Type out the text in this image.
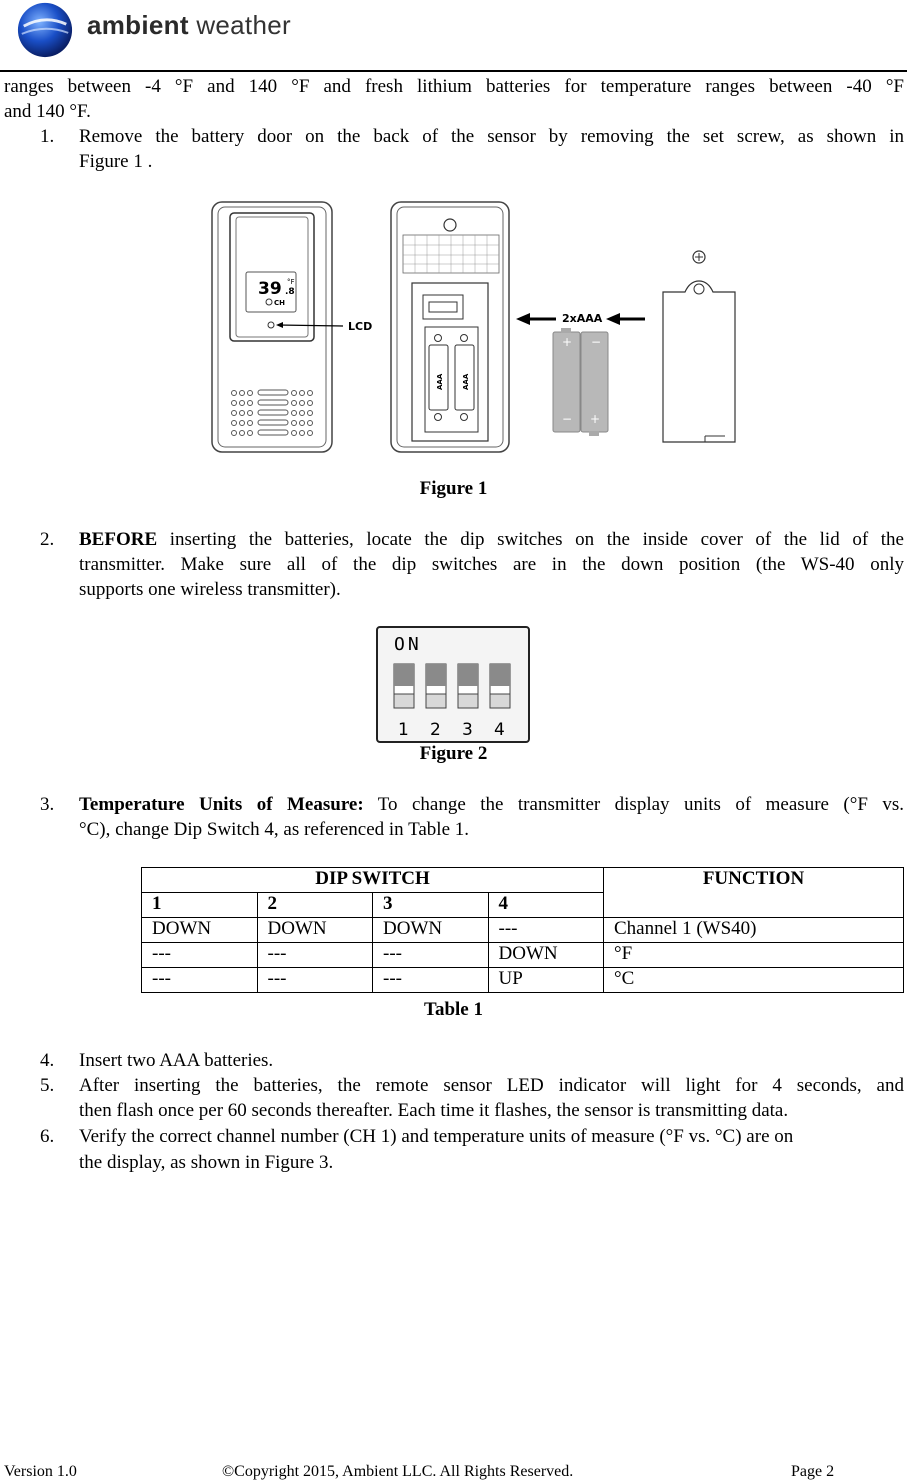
ambient weather
ranges between -4 °F and 140 °F and fresh lithium batteries for temperature ranges between -40 °F
and 140 °F.
1. Remove the battery door on the back of the sensor by removing the set screw, as shown in
Figure 1 .
39 °F
.8
CH
LCD
AAA	AAA
2xAAA
+ −
− +
Figure 1
2. BEFORE inserting the batteries, locate the dip switches on the inside cover of the lid of the
transmitter. Make sure all of the dip switches are in the down position (the WS-40 only
supports one wireless transmitter).
ON
1 2 3 4
Figure 2
3. Temperature Units of Measure: To change the transmitter display units of measure (°F vs.
°C), change Dip Switch 4, as referenced in Table 1.
DIP SWITCH				FUNCTION
1	2	3	4	
DOWN	DOWN	DOWN	---	Channel 1 (WS40)
---	---	---	DOWN	°F
---	---	---	UP	°C
Table 1
4. Insert two AAA batteries.
5. After inserting the batteries, the remote sensor LED indicator will light for 4 seconds, and
then flash once per 60 seconds thereafter. Each time it flashes, the sensor is transmitting data.
6. Verify the correct channel number (CH 1) and temperature units of measure (°F vs. °C) are on
the display, as shown in Figure 3.
Version 1.0	©Copyright 2015, Ambient LLC. All Rights Reserved.	Page 2
